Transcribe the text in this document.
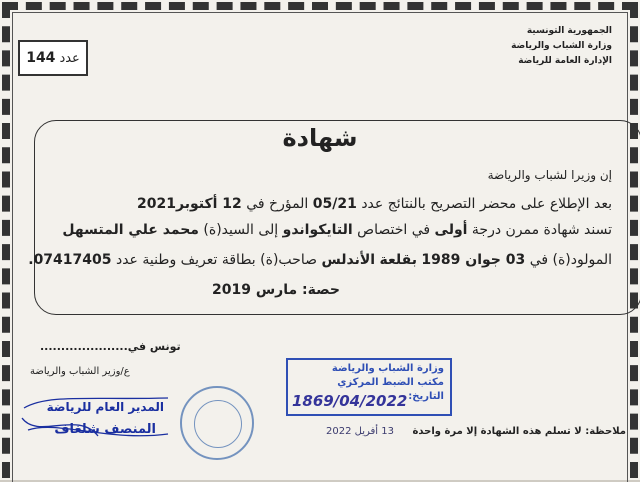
عدد
144
الجمهورية التونسية
وزارة الشباب والرياضة
الإدارة العامة للرياضة
شهادة
إن وزيرا لشباب والرياضة
بعد الإطلاع على محضر التصريح بالنتائج عدد 05/21 المؤرخ في 12 أكتوبر2021
تسند شهادة ممرن درجة أولى في اختصاص التايكواندو إلى السيد(ة) محمد علي المتسهل
المولود(ة) في 03 جوان 1989 بقلعة الأندلس صاحب(ة) بطاقة تعريف وطنية عدد 07417405.
حصة: مارس 2019
تونس في.....................
ع/وزير الشباب والرياضة
المدير العام للرياضة
المنصف شلغاف
وزارة الشباب والرياضة
مكتب الضبط المركزي
التاريخ:
1869/04/2022
13 أفريل 2022 ملاحظة: لا تسلم هذه الشهادة إلا مرة واحدة
